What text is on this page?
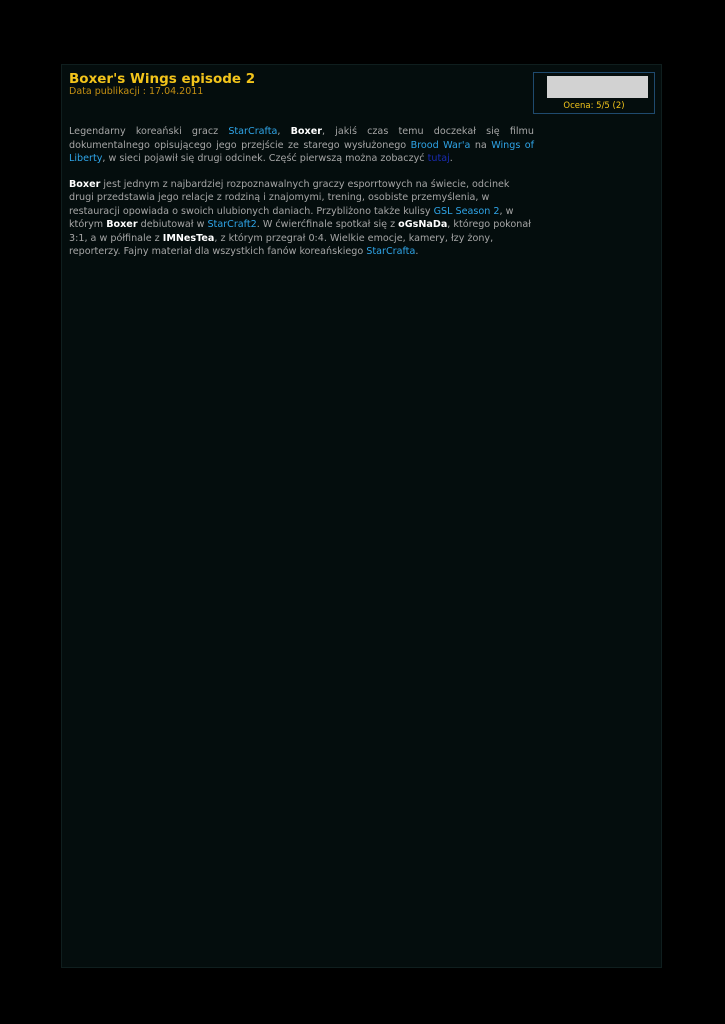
Boxer's Wings episode 2
Data publikacji : 17.04.2011
Ocena: 5/5 (2)

Legendarny koreański gracz StarCrafta, Boxer, jakiś czas temu doczekał się filmu dokumentalnego opisującego jego przejście ze starego wysłużonego Brood War'a na Wings of Liberty, w sieci pojawił się drugi odcinek. Część pierwszą można zobaczyć tutaj.

Boxer jest jednym z najbardziej rozpoznawalnych graczy esporrtowych na świecie, odcinek drugi przedstawia jego relacje z rodziną i znajomymi, trening, osobiste przemyślenia, w restauracji opowiada o swoich ulubionych daniach. Przybliżono także kulisy GSL Season 2, w którym Boxer debiutował w StarCraft2. W ćwierćfinale spotkał się z oGsNaDa, którego pokonał 3:1, a w półfinale z IMNesTea, z którym przegrał 0:4. Wielkie emocje, kamery, łzy żony, reporterzy. Fajny materiał dla wszystkich fanów koreańskiego StarCrafta.
